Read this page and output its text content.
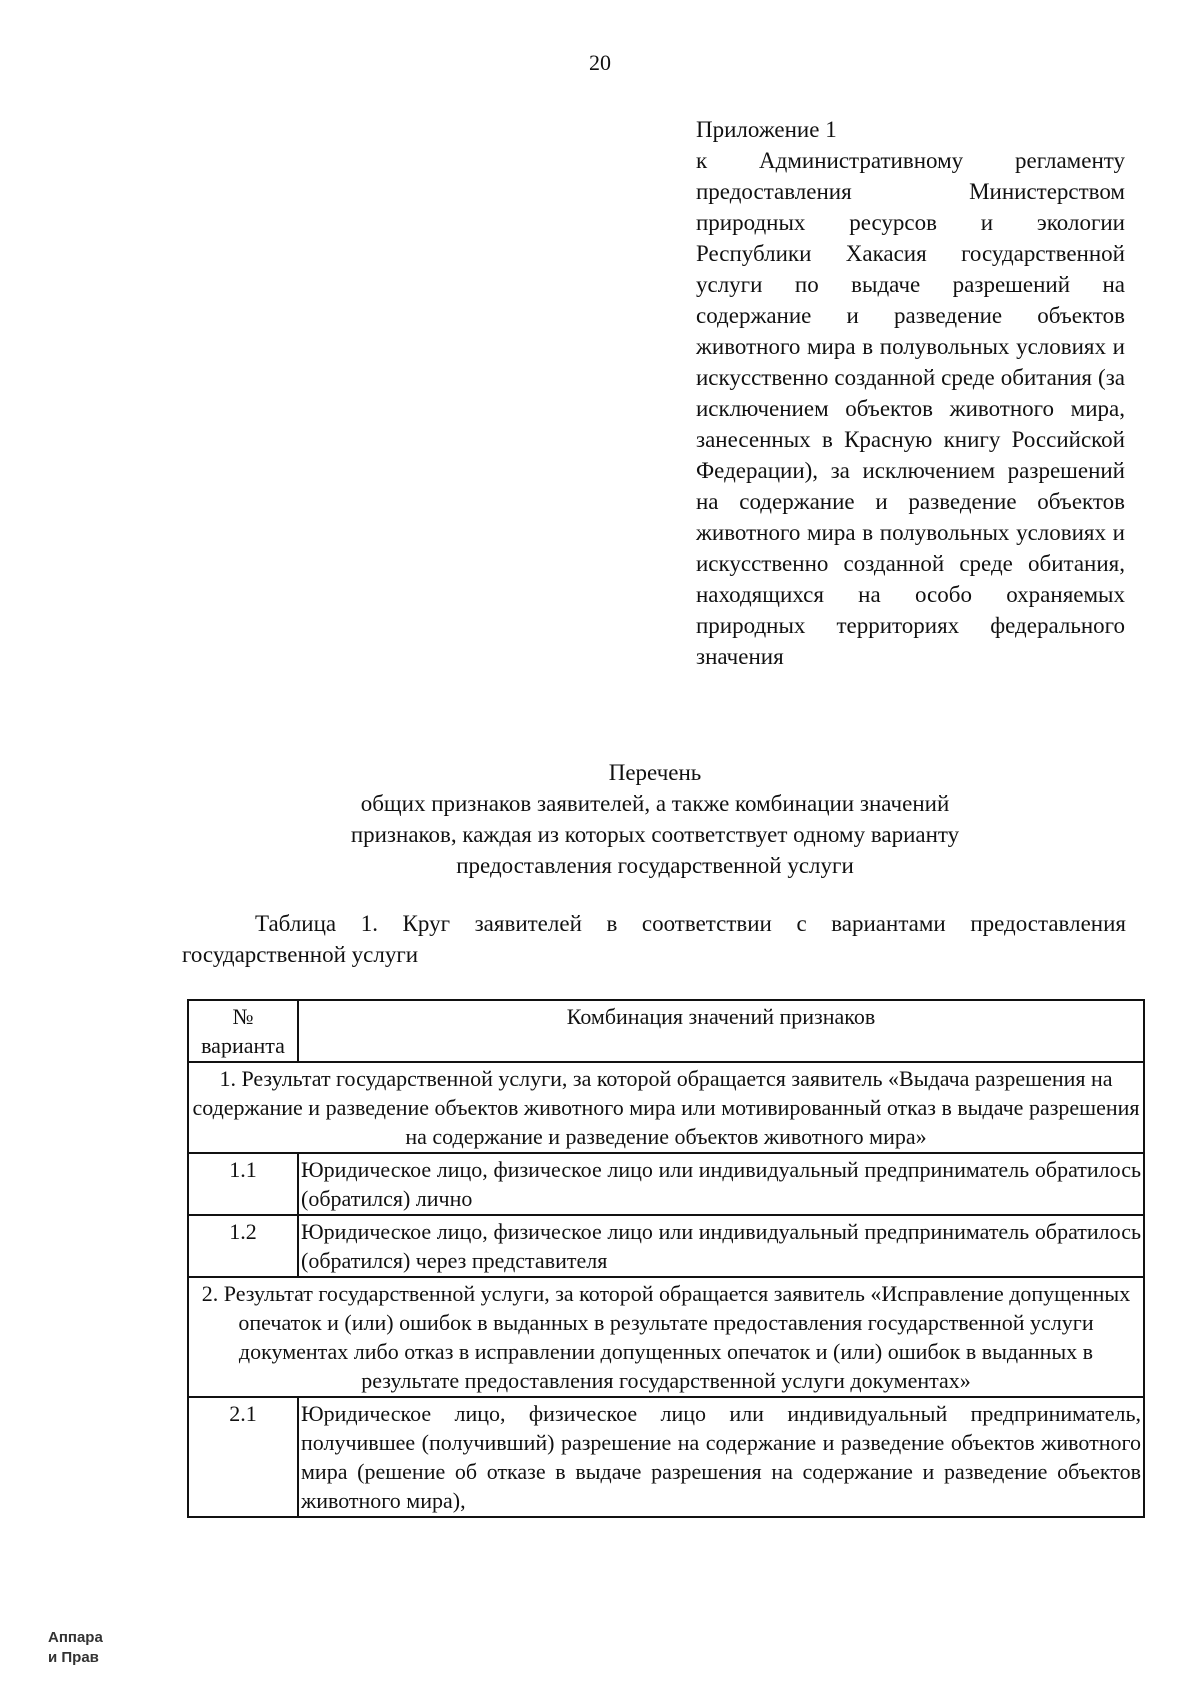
20
Приложение 1
к Административному регламенту предоставления Министерством природных ресурсов и экологии Республики Хакасия государственной услуги по выдаче разрешений на содержание и разведение объектов животного мира в полувольных условиях и искусственно созданной среде обитания (за исключением объектов животного мира, занесенных в Красную книгу Российской Федерации), за исключением разрешений на содержание и разведение объектов животного мира в полувольных условиях и искусственно созданной среде обитания, находящихся на особо охраняемых природных территориях федерального значения
Перечень
общих признаков заявителей, а также комбинации значений
признаков, каждая из которых соответствует одному варианту
предоставления государственной услуги
Таблица 1. Круг заявителей в соответствии с вариантами предоставления государственной услуги
№ варианта	Комбинация значений признаков
1. Результат государственной услуги, за которой обращается заявитель «Выдача разрешения на содержание и разведение объектов животного мира или мотивированный отказ в выдаче разрешения на содержание и разведение объектов животного мира»	
1.1	Юридическое лицо, физическое лицо или индивидуальный предприниматель обратилось (обратился) лично
1.2	Юридическое лицо, физическое лицо или индивидуальный предприниматель обратилось (обратился) через представителя
2. Результат государственной услуги, за которой обращается заявитель «Исправление допущенных опечаток и (или) ошибок в выданных в результате предоставления государственной услуги документах либо отказ в исправлении допущенных опечаток и (или) ошибок в выданных в результате предоставления государственной услуги документах»	
2.1	Юридическое лицо, физическое лицо или индивидуальный предприниматель, получившее (получивший) разрешение на содержание и разведение объектов животного мира (решение об отказе в выдаче разрешения на содержание и разведение объектов животного мира),
Аппара
и Прав
